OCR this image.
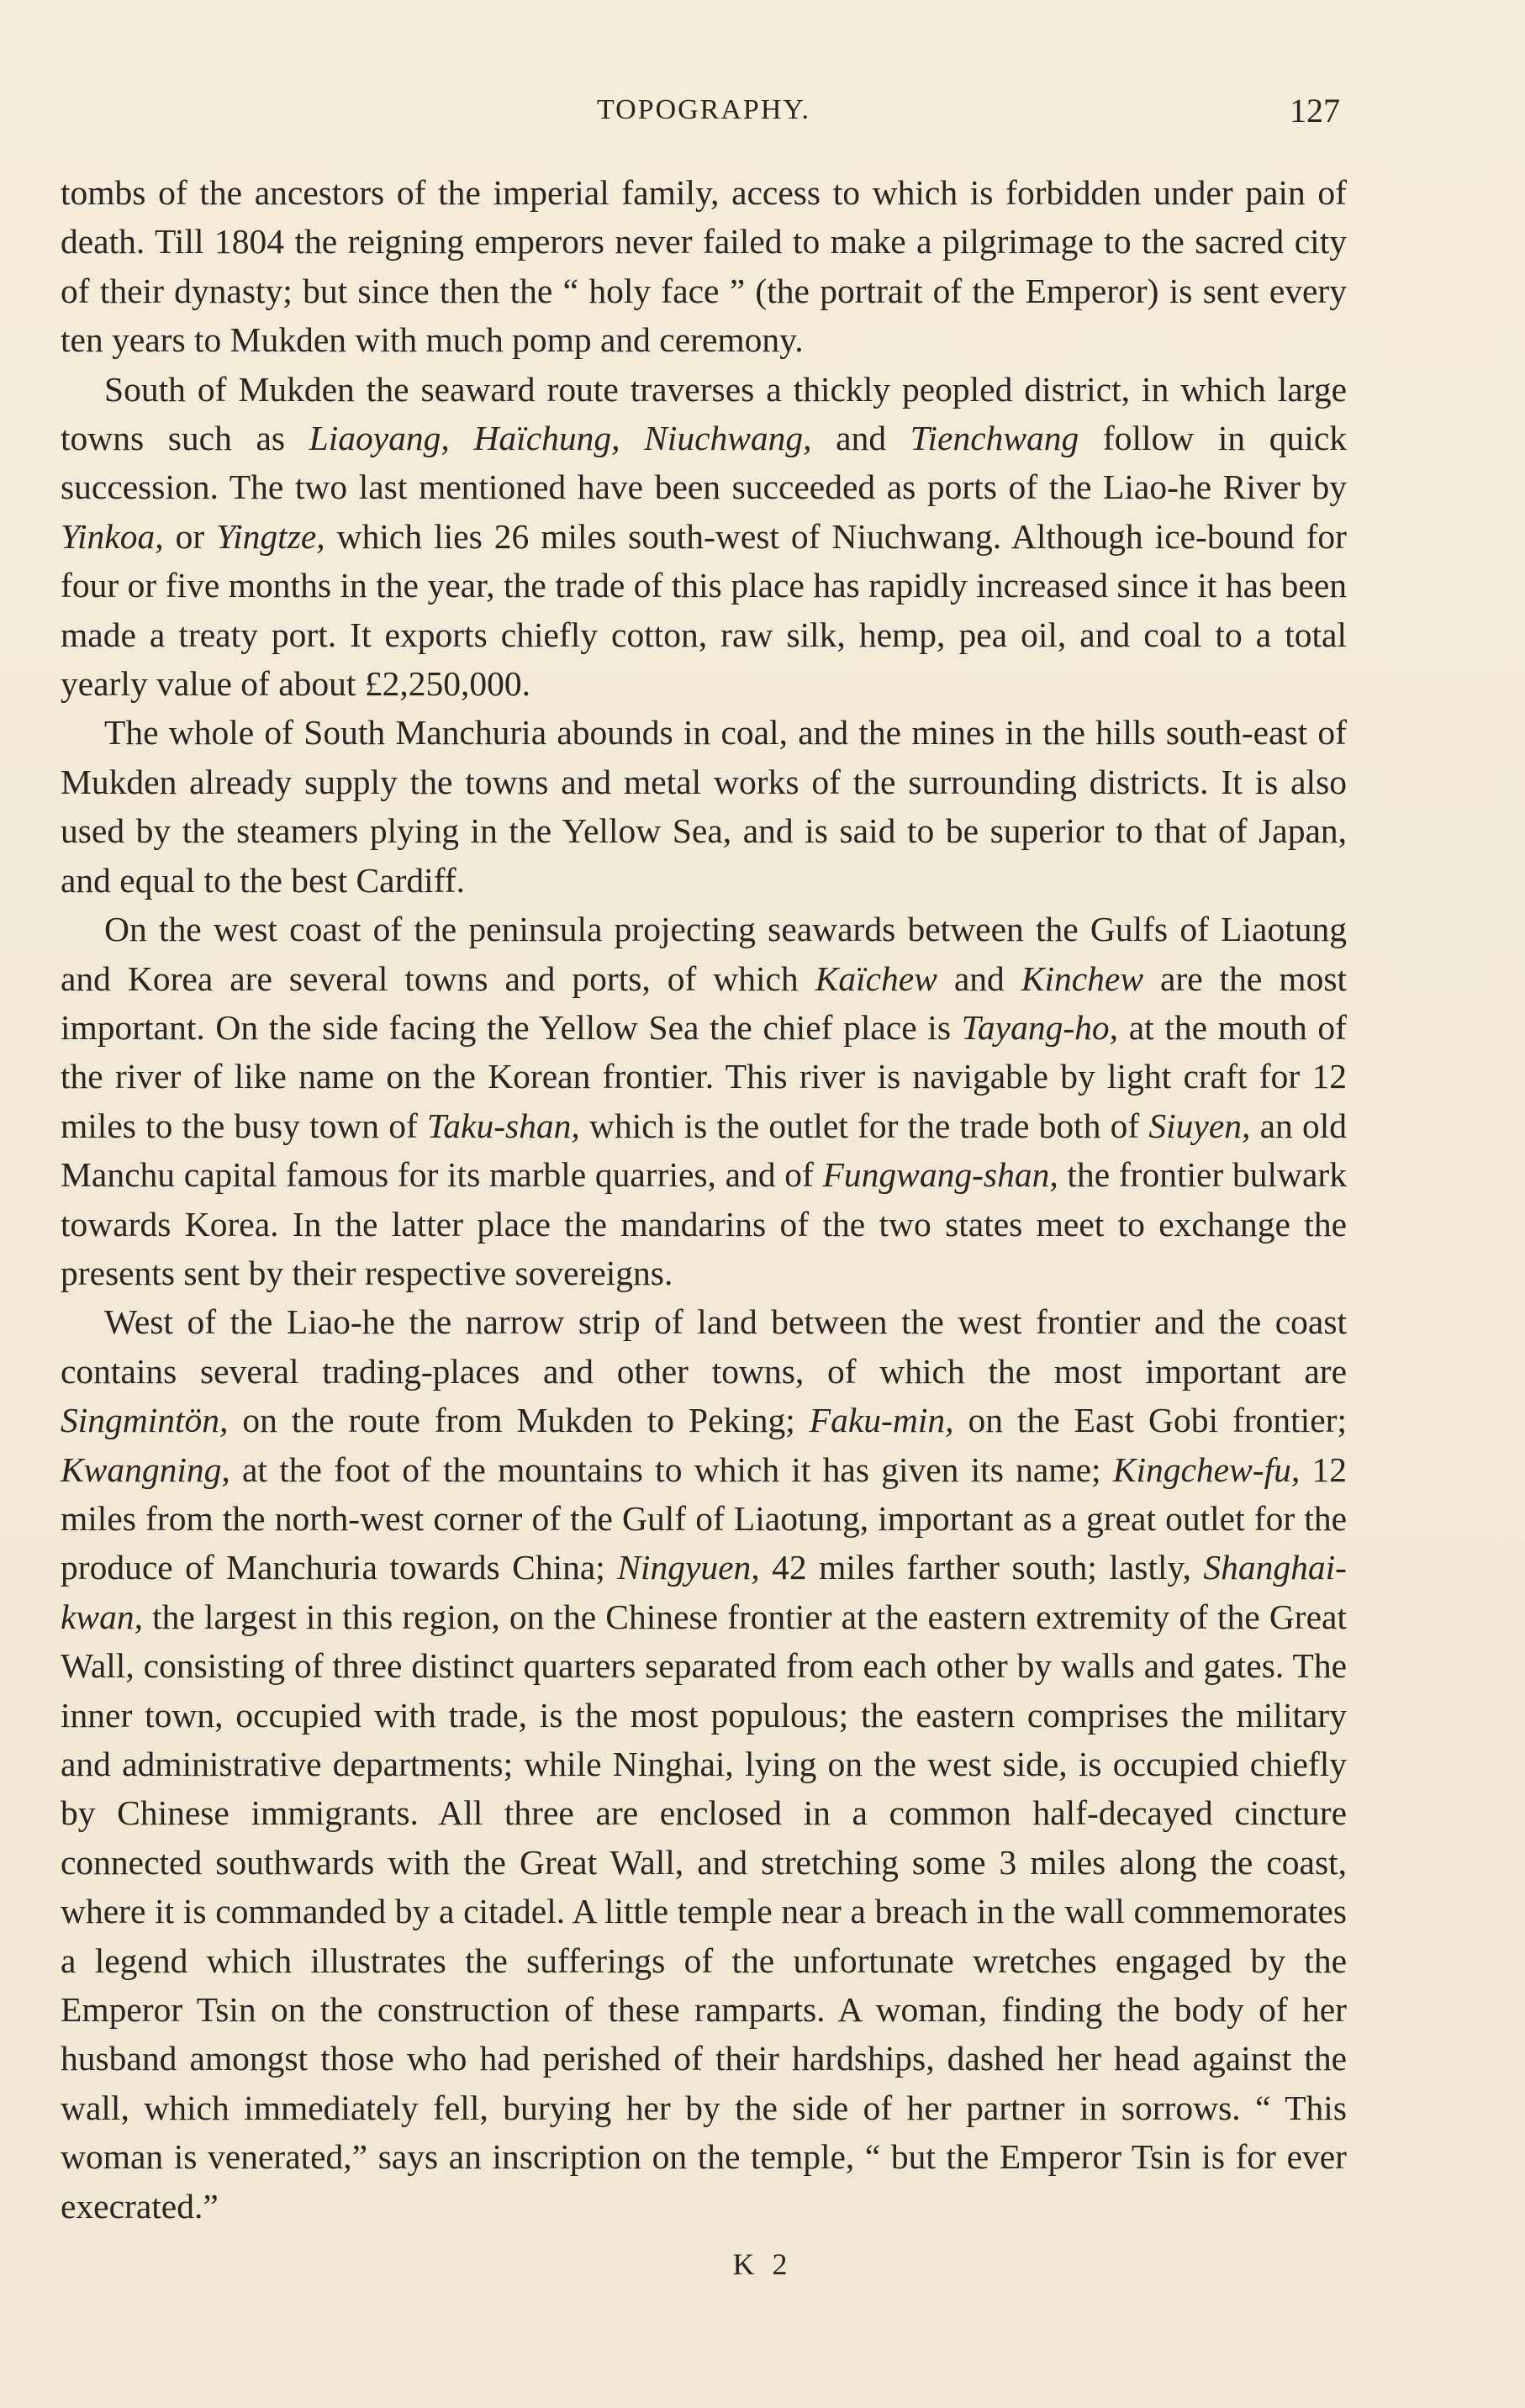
TOPOGRAPHY.	127

tombs of the ancestors of the imperial family, access to which is forbidden under pain of death. Till 1804 the reigning emperors never failed to make a pilgrimage to the sacred city of their dynasty; but since then the “ holy face ” (the portrait of the Emperor) is sent every ten years to Mukden with much pomp and ceremony.

South of Mukden the seaward route traverses a thickly peopled district, in which large towns such as Liaoyang, Haïchung, Niuchwang, and Tienchwang follow in quick succession. The two last mentioned have been succeeded as ports of the Liao-he River by Yinkoa, or Yingtze, which lies 26 miles south-west of Niuchwang. Although ice-bound for four or five months in the year, the trade of this place has rapidly increased since it has been made a treaty port. It exports chiefly cotton, raw silk, hemp, pea oil, and coal to a total yearly value of about £2,250,000.

The whole of South Manchuria abounds in coal, and the mines in the hills south-east of Mukden already supply the towns and metal works of the surrounding districts. It is also used by the steamers plying in the Yellow Sea, and is said to be superior to that of Japan, and equal to the best Cardiff.

On the west coast of the peninsula projecting seawards between the Gulfs of Liaotung and Korea are several towns and ports, of which Kaïchew and Kinchew are the most important. On the side facing the Yellow Sea the chief place is Tayang-ho, at the mouth of the river of like name on the Korean frontier. This river is navigable by light craft for 12 miles to the busy town of Taku-shan, which is the outlet for the trade both of Siuyen, an old Manchu capital famous for its marble quarries, and of Fungwang-shan, the frontier bulwark towards Korea. In the latter place the mandarins of the two states meet to exchange the presents sent by their respective sovereigns.

West of the Liao-he the narrow strip of land between the west frontier and the coast contains several trading-places and other towns, of which the most important are Singmintön, on the route from Mukden to Peking; Faku-min, on the East Gobi frontier; Kwangning, at the foot of the mountains to which it has given its name; Kingchew-fu, 12 miles from the north-west corner of the Gulf of Liaotung, important as a great outlet for the produce of Manchuria towards China; Ningyuen, 42 miles farther south; lastly, Shanghai-kwan, the largest in this region, on the Chinese frontier at the eastern extremity of the Great Wall, consisting of three distinct quarters separated from each other by walls and gates. The inner town, occupied with trade, is the most populous; the eastern comprises the military and administrative departments; while Ninghai, lying on the west side, is occupied chiefly by Chinese immigrants. All three are enclosed in a common half-decayed cincture connected southwards with the Great Wall, and stretching some 3 miles along the coast, where it is commanded by a citadel. A little temple near a breach in the wall commemorates a legend which illustrates the sufferings of the unfortunate wretches engaged by the Emperor Tsin on the construction of these ramparts. A woman, finding the body of her husband amongst those who had perished of their hardships, dashed her head against the wall, which immediately fell, burying her by the side of her partner in sorrows. “ This woman is venerated,” says an inscription on the temple, “ but the Emperor Tsin is for ever execrated.”

K 2
